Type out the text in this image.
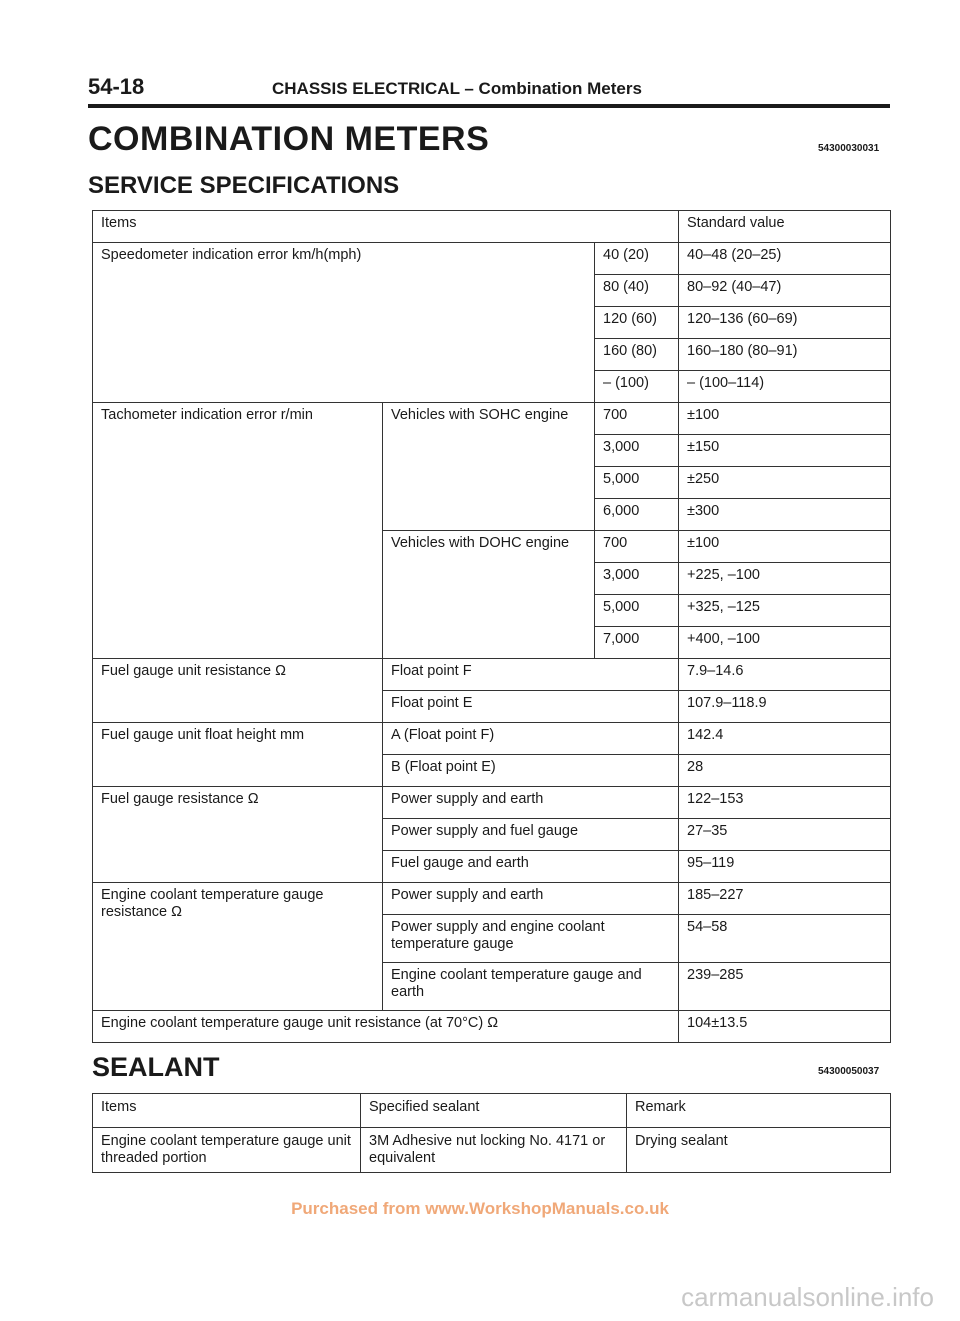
54-18	CHASSIS ELECTRICAL – Combination Meters
COMBINATION METERS	54300030031
SERVICE SPECIFICATIONS
Items			Standard value
Speedometer indication error km/h(mph)		40 (20)	40–48 (20–25)
		80 (40)	80–92 (40–47)
		120 (60)	120–136 (60–69)
		160 (80)	160–180 (80–91)
		– (100)	– (100–114)
Tachometer indication error r/min	Vehicles with SOHC engine	700	±100
		3,000	±150
		5,000	±250
		6,000	±300
	Vehicles with DOHC engine	700	±100
		3,000	+225, –100
		5,000	+325, –125
		7,000	+400, –100
Fuel gauge unit resistance Ω	Float point F		7.9–14.6
	Float point E		107.9–118.9
Fuel gauge unit float height mm	A (Float point F)		142.4
	B (Float point E)		28
Fuel gauge resistance Ω	Power supply and earth		122–153
	Power supply and fuel gauge		27–35
	Fuel gauge and earth		95–119
Engine coolant temperature gauge resistance Ω	Power supply and earth		185–227
	Power supply and engine coolant temperature gauge		54–58
	Engine coolant temperature gauge and earth		239–285
Engine coolant temperature gauge unit resistance (at 70°C) Ω			104±13.5
SEALANT	54300050037
Items	Specified sealant	Remark
Engine coolant temperature gauge unit threaded portion	3M Adhesive nut locking No. 4171 or equivalent	Drying sealant
Purchased from www.WorkshopManuals.co.uk
carmanualsonline.info
